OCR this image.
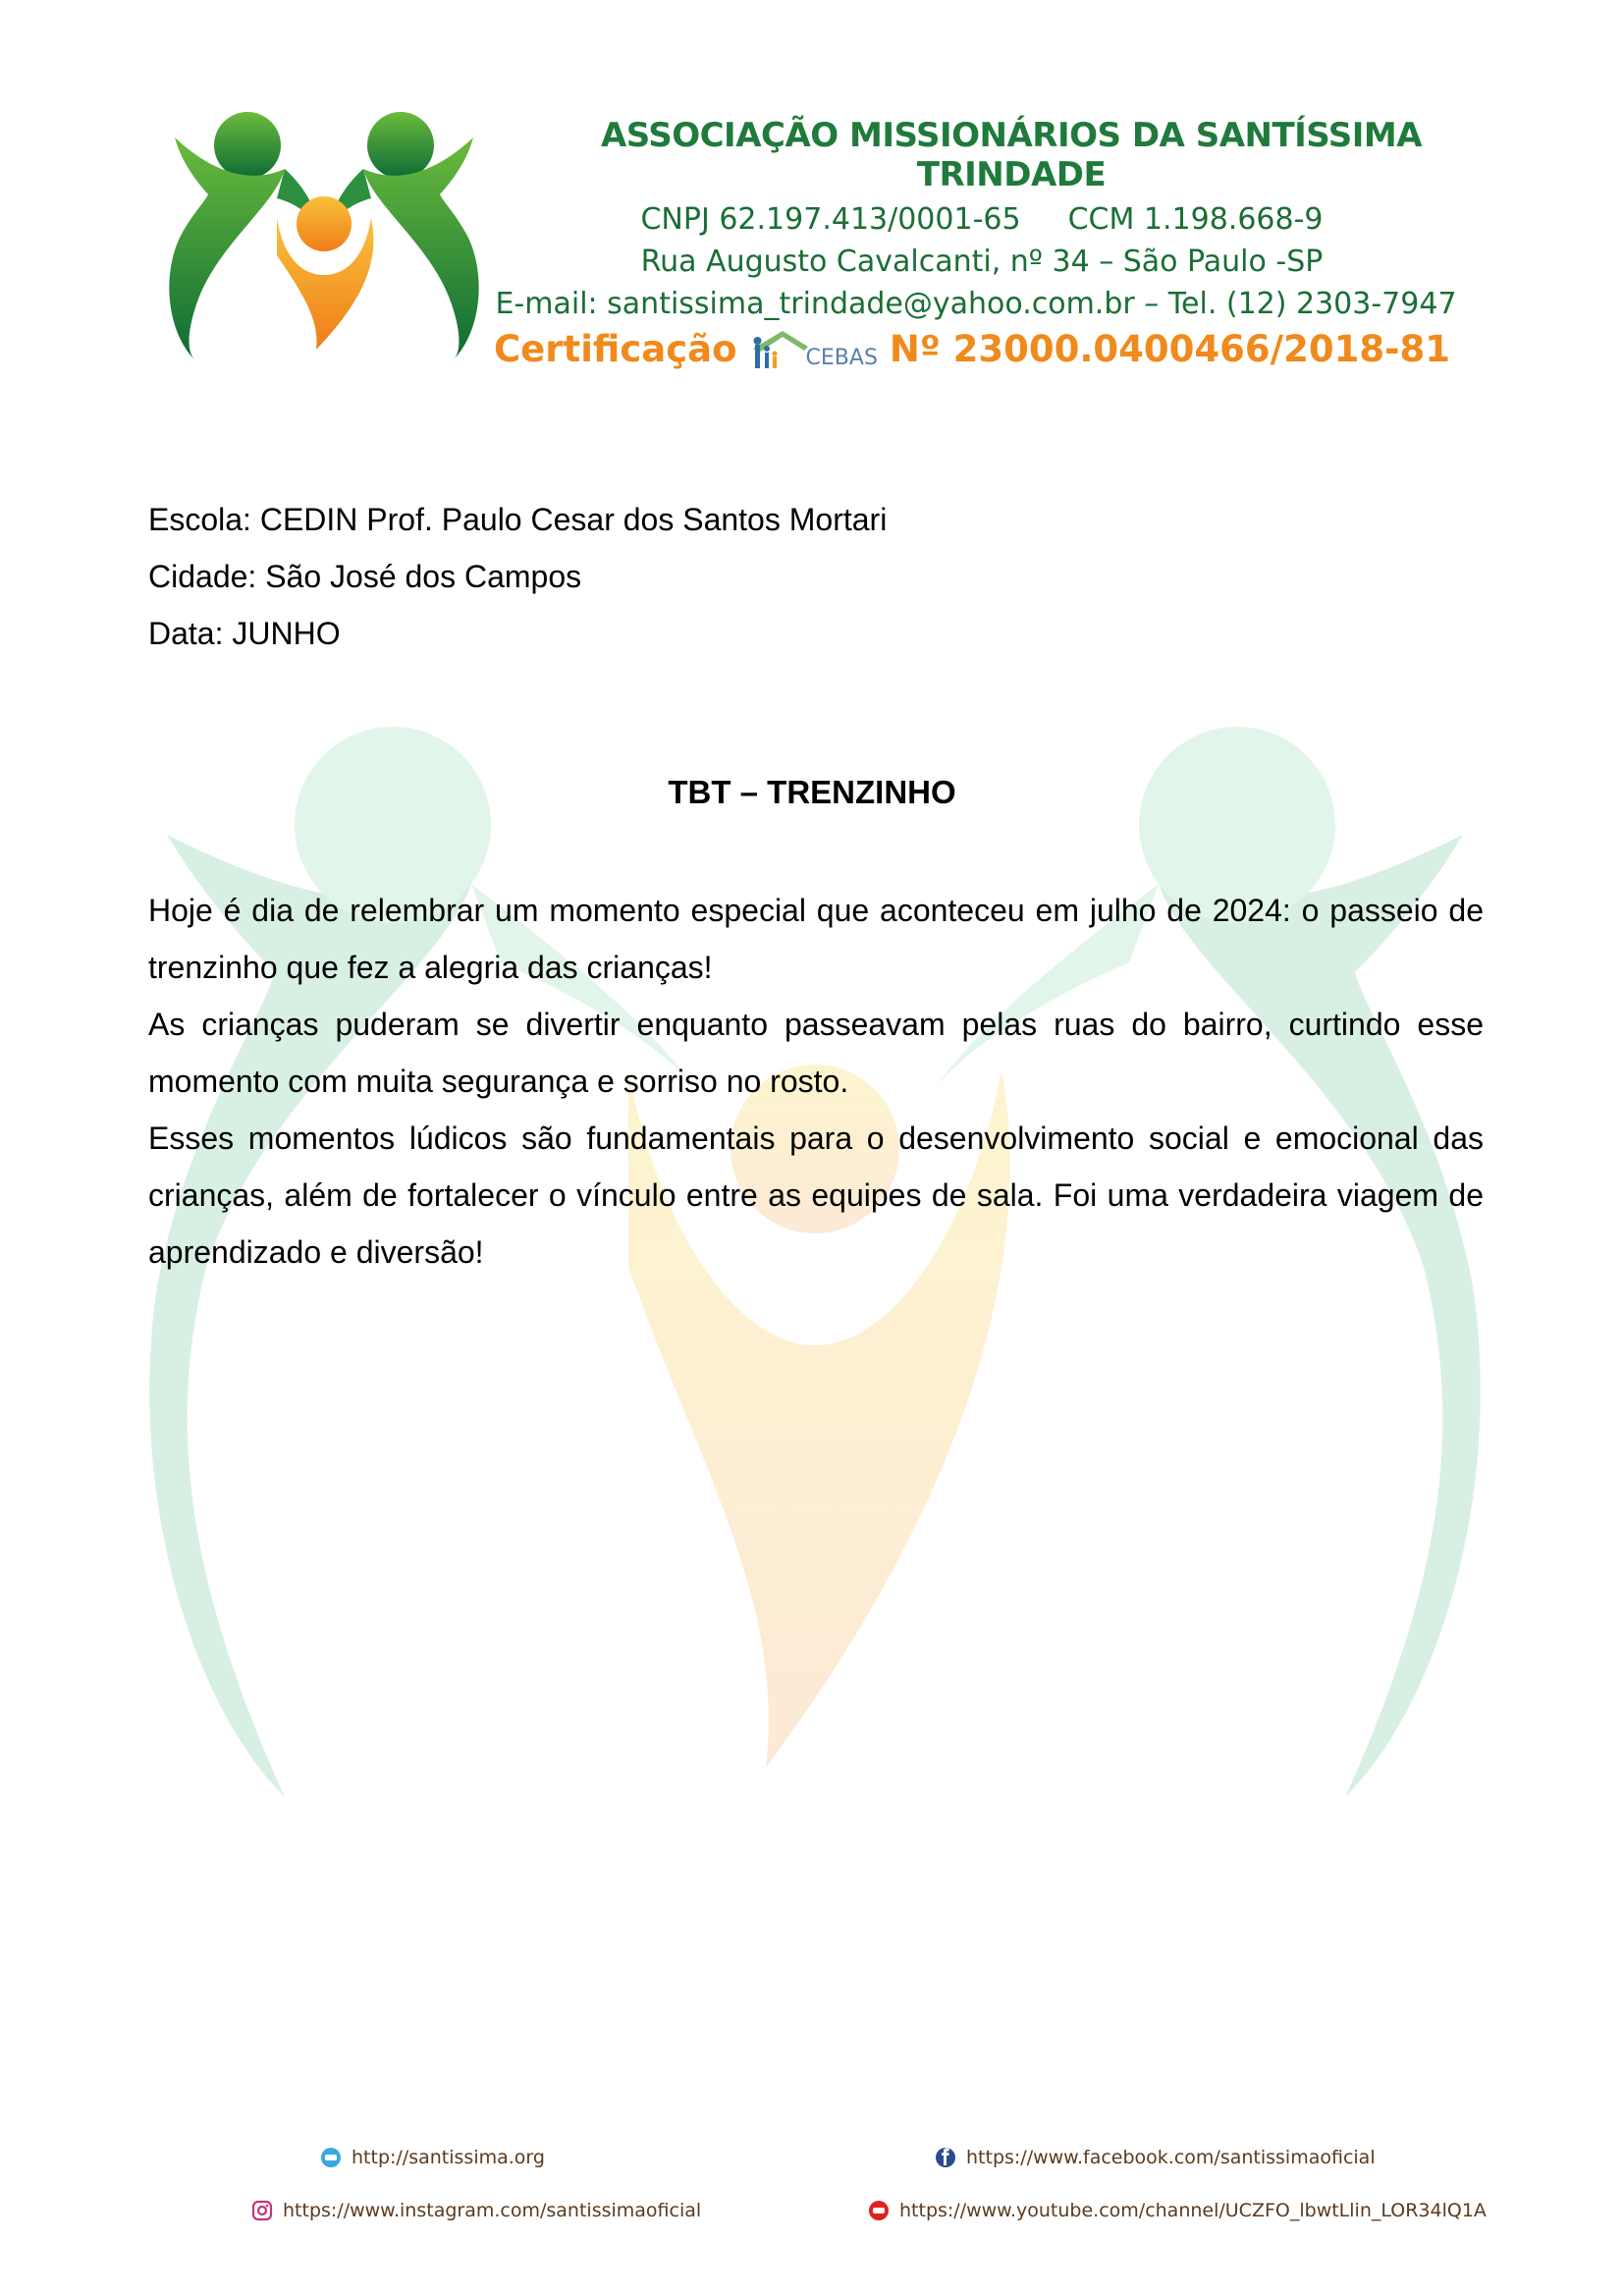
ASSOCIAÇÃO MISSIONÁRIOS DA SANTÍSSIMA TRINDADE
CNPJ 62.197.413/0001-65 CCM 1.198.668-9
Rua Augusto Cavalcanti, nº 34 – São Paulo -SP
E-mail: santissima_trindade@yahoo.com.br – Tel. (12) 2303-7947
Certificação	CEBAS Nº 23000.0400466/2018-81
Escola: CEDIN Prof. Paulo Cesar dos Santos Mortari
Cidade: São José dos Campos
Data: JUNHO
TBT – TRENZINHO

Hoje é dia de relembrar um momento especial que aconteceu em julho de 2024: o passeio de trenzinho que fez a alegria das crianças!

As crianças puderam se divertir enquanto passeavam pelas ruas do bairro, curtindo esse momento com muita segurança e sorriso no rosto.

Esses momentos lúdicos são fundamentais para o desenvolvimento social e emocional das crianças, além de fortalecer o vínculo entre as equipes de sala. Foi uma verdadeira viagem de aprendizado e diversão!

http://santissima.org	https://www.facebook.com/santissimaoficial
https://www.instagram.com/santissimaoficial	https://www.youtube.com/channel/UCZFO_lbwtLlin_LOR34lQ1A
